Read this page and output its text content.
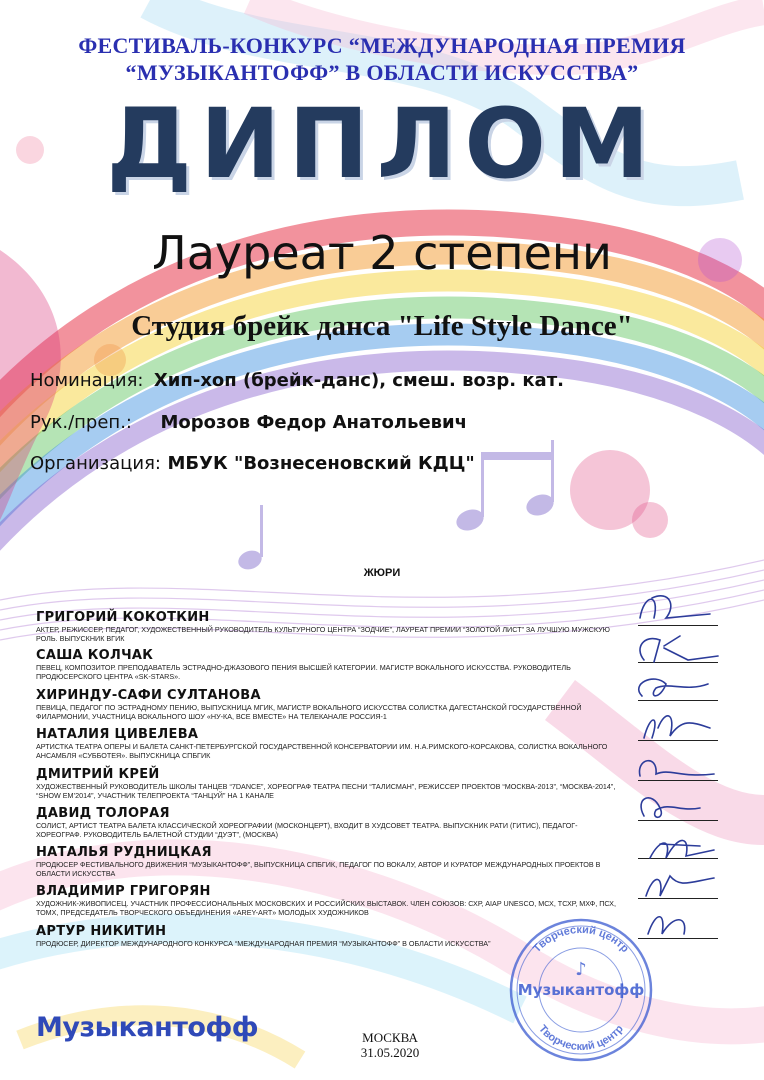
ФЕСТИВАЛЬ-КОНКУРС “МЕЖДУНАРОДНАЯ ПРЕМИЯ
“МУЗЫКАНТОФФ” В ОБЛАСТИ ИСКУССТВА”
ДИПЛОМ
Лауреат 2 степени
Студия брейк данса "Life Style Dance"
Номинация: Хип-хоп (брейк-данс), смеш. возр. кат.
Рук./преп.: Морозов Федор Анатольевич
Организация: МБУК "Вознесеновский КДЦ"
ЖЮРИ
ГРИГОРИЙ КОКОТКИН
АКТЕР, РЕЖИССЕР, ПЕДАГОГ, ХУДОЖЕСТВЕННЫЙ РУКОВОДИТЕЛЬ КУЛЬТУРНОГО ЦЕНТРА “ЗОДЧИЕ”, ЛАУРЕАТ ПРЕМИИ “ЗОЛОТОЙ ЛИСТ” ЗА ЛУЧШУЮ МУЖСКУЮ РОЛЬ. ВЫПУСКНИК ВГИК
САША КОЛЧАК
ПЕВЕЦ, КОМПОЗИТОР. ПРЕПОДАВАТЕЛЬ ЭСТРАДНО-ДЖАЗОВОГО ПЕНИЯ ВЫСШЕЙ КАТЕГОРИИ. МАГИСТР ВОКАЛЬНОГО ИСКУССТВА. РУКОВОДИТЕЛЬ ПРОДЮСЕРСКОГО ЦЕНТРА «SK-STARS».
ХИРИНДУ-САФИ СУЛТАНОВА
ПЕВИЦА, ПЕДАГОГ ПО ЭСТРАДНОМУ ПЕНИЮ, ВЫПУСКНИЦА МГИК, МАГИСТР ВОКАЛЬНОГО ИСКУССТВА СОЛИСТКА ДАГЕСТАНСКОЙ ГОСУДАРСТВЕННОЙ ФИЛАРМОНИИ, УЧАСТНИЦА ВОКАЛЬНОГО ШОУ «НУ-КА, ВСЕ ВМЕСТЕ» НА ТЕЛЕКАНАЛЕ РОССИЯ-1
НАТАЛИЯ ЦИВЕЛЕВА
АРТИСТКА ТЕАТРА ОПЕРЫ И БАЛЕТА САНКТ-ПЕТЕРБУРГСКОЙ ГОСУДАРСТВЕННОЙ КОНСЕРВАТОРИИ ИМ. Н.А.РИМСКОГО-КОРСАКОВА, СОЛИСТКА ВОКАЛЬНОГО АНСАМБЛЯ «СУББОТЕЯ». ВЫПУСКНИЦА СПБГИК
ДМИТРИЙ КРЕЙ
ХУДОЖЕСТВЕННЫЙ РУКОВОДИТЕЛЬ ШКОЛЫ ТАНЦЕВ “7DANCE”, ХОРЕОГРАФ ТЕАТРА ПЕСНИ “ТАЛИСМАН”, РЕЖИССЕР ПРОЕКТОВ “МОСКВА-2013”, “МОСКВА-2014”, “SHOW EM’2014”, УЧАСТНИК ТЕЛЕПРОЕКТА “ТАНЦУЙ” НА 1 КАНАЛЕ
ДАВИД ТОЛОРАЯ
СОЛИСТ, АРТИСТ ТЕАТРА БАЛЕТА КЛАССИЧЕСКОЙ ХОРЕОГРАФИИ (МОСКОНЦЕРТ), ВХОДИТ В ХУДСОВЕТ ТЕАТРА. ВЫПУСКНИК РАТИ (ГИТИС), ПЕДАГОГ-ХОРЕОГРАФ. РУКОВОДИТЕЛЬ БАЛЕТНОЙ СТУДИИ “ДУЭТ”, (МОСКВА)
НАТАЛЬЯ РУДНИЦКАЯ
ПРОДЮСЕР ФЕСТИВАЛЬНОГО ДВИЖЕНИЯ “МУЗЫКАНТОФФ”, ВЫПУСКНИЦА СПБГИК, ПЕДАГОГ ПО ВОКАЛУ, АВТОР И КУРАТОР МЕЖДУНАРОДНЫХ ПРОЕКТОВ В ОБЛАСТИ ИСКУССТВА
ВЛАДИМИР ГРИГОРЯН
ХУДОЖНИК-ЖИВОПИСЕЦ. УЧАСТНИК ПРОФЕССИОНАЛЬНЫХ МОСКОВСКИХ И РОССИЙСКИХ ВЫСТАВОК. ЧЛЕН СОЮЗОВ: СХР, AIAP UNESCO, МСХ, ТСХР, МХФ, ПСХ, ТОМХ, ПРЕДСЕДАТЕЛЬ ТВОРЧЕСКОГО ОБЪЕДИНЕНИЯ «AREY-ART» МОЛОДЫХ ХУДОЖНИКОВ
АРТУР НИКИТИН
ПРОДЮСЕР, ДИРЕКТОР МЕЖДУНАРОДНОГО КОНКУРСА “МЕЖДУНАРОДНАЯ ПРЕМИЯ “МУЗЫКАНТОФФ” В ОБЛАСТИ ИСКУССТВА”	Творческий центр
Творческий центр
Музыкантофф
♪
Музыкантофф	МОСКВА
31.05.2020
